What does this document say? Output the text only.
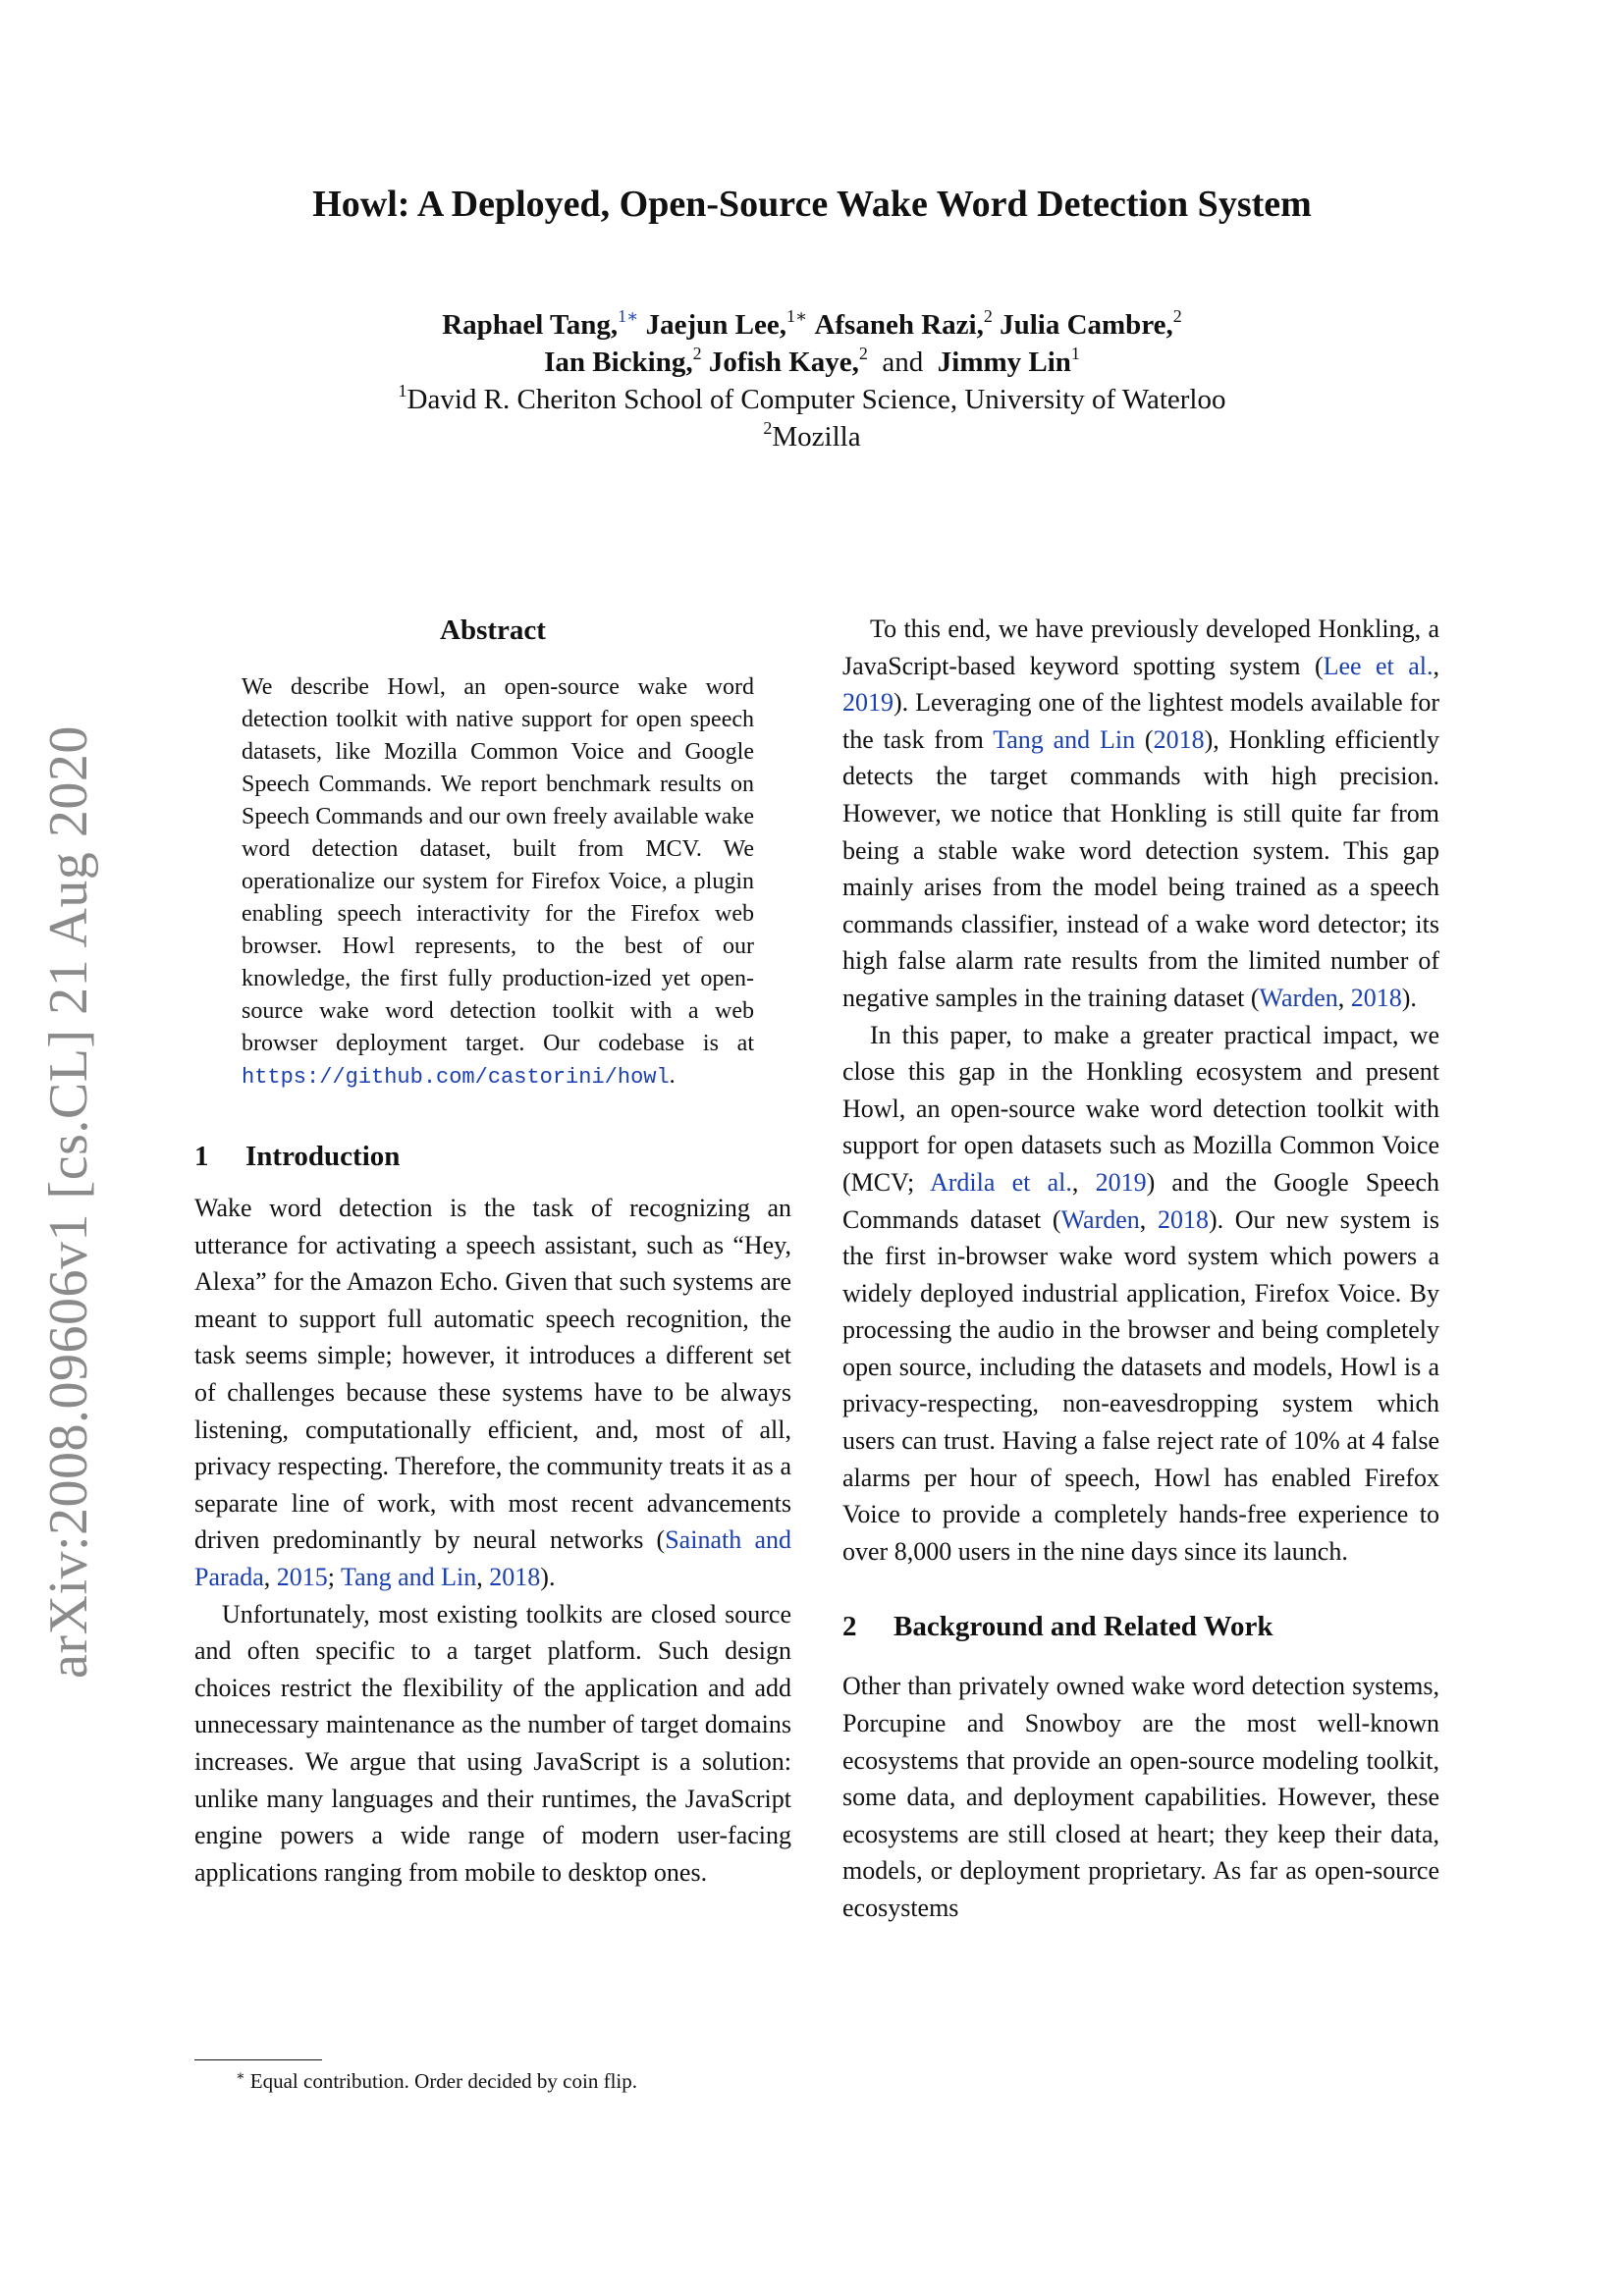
arXiv:2008.09606v1 [cs.CL] 21 Aug 2020
Howl: A Deployed, Open-Source Wake Word Detection System
Raphael Tang,$^{1∗}$ Jaejun Lee,$^{1∗}$ Afsaneh Razi,$^2$ Julia Cambre,$^2$
Ian Bicking,$^2$ Jofish Kaye,$^2$ and Jimmy Lin$^1$
$^1$David R. Cheriton School of Computer Science, University of Waterloo
$^2$Mozilla
Abstract

We describe Howl, an open-source wake word detection toolkit with native support for open speech datasets, like Mozilla Common Voice and Google Speech Commands. We report benchmark results on Speech Commands and our own freely available wake word detection dataset, built from MCV. We operationalize our system for Firefox Voice, a plugin enabling speech interactivity for the Firefox web browser. Howl represents, to the best of our knowledge, the first fully production-ized yet open-source wake word detection toolkit with a web browser deployment target. Our codebase is at https://github.com/castorini/howl.

1 Introduction

Wake word detection is the task of recognizing an utterance for activating a speech assistant, such as “Hey, Alexa” for the Amazon Echo. Given that such systems are meant to support full automatic speech recognition, the task seems simple; however, it introduces a different set of challenges because these systems have to be always listening, computationally efficient, and, most of all, privacy respecting. Therefore, the community treats it as a separate line of work, with most recent advancements driven predominantly by neural networks (Sainath and Parada, 2015; Tang and Lin, 2018).

Unfortunately, most existing toolkits are closed source and often specific to a target platform. Such design choices restrict the flexibility of the application and add unnecessary maintenance as the number of target domains increases. We argue that using JavaScript is a solution: unlike many languages and their runtimes, the JavaScript engine powers a wide range of modern user-facing applications ranging from mobile to desktop ones.

∗ Equal contribution. Order decided by coin flip.

To this end, we have previously developed Honkling, a JavaScript-based keyword spotting system (Lee et al., 2019). Leveraging one of the lightest models available for the task from Tang and Lin (2018), Honkling efficiently detects the target commands with high precision. However, we notice that Honkling is still quite far from being a stable wake word detection system. This gap mainly arises from the model being trained as a speech commands classifier, instead of a wake word detector; its high false alarm rate results from the limited number of negative samples in the training dataset (Warden, 2018).

In this paper, to make a greater practical impact, we close this gap in the Honkling ecosystem and present Howl, an open-source wake word detection toolkit with support for open datasets such as Mozilla Common Voice (MCV; Ardila et al., 2019) and the Google Speech Commands dataset (Warden, 2018). Our new system is the first in-browser wake word system which powers a widely deployed industrial application, Firefox Voice. By processing the audio in the browser and being completely open source, including the datasets and models, Howl is a privacy-respecting, non-eavesdropping system which users can trust. Having a false reject rate of 10% at 4 false alarms per hour of speech, Howl has enabled Firefox Voice to provide a completely hands-free experience to over 8,000 users in the nine days since its launch.

2 Background and Related Work

Other than privately owned wake word detection systems, Porcupine and Snowboy are the most well-known ecosystems that provide an open-source modeling toolkit, some data, and deployment capabilities. However, these ecosystems are still closed at heart; they keep their data, models, or deployment proprietary. As far as open-source ecosystems
